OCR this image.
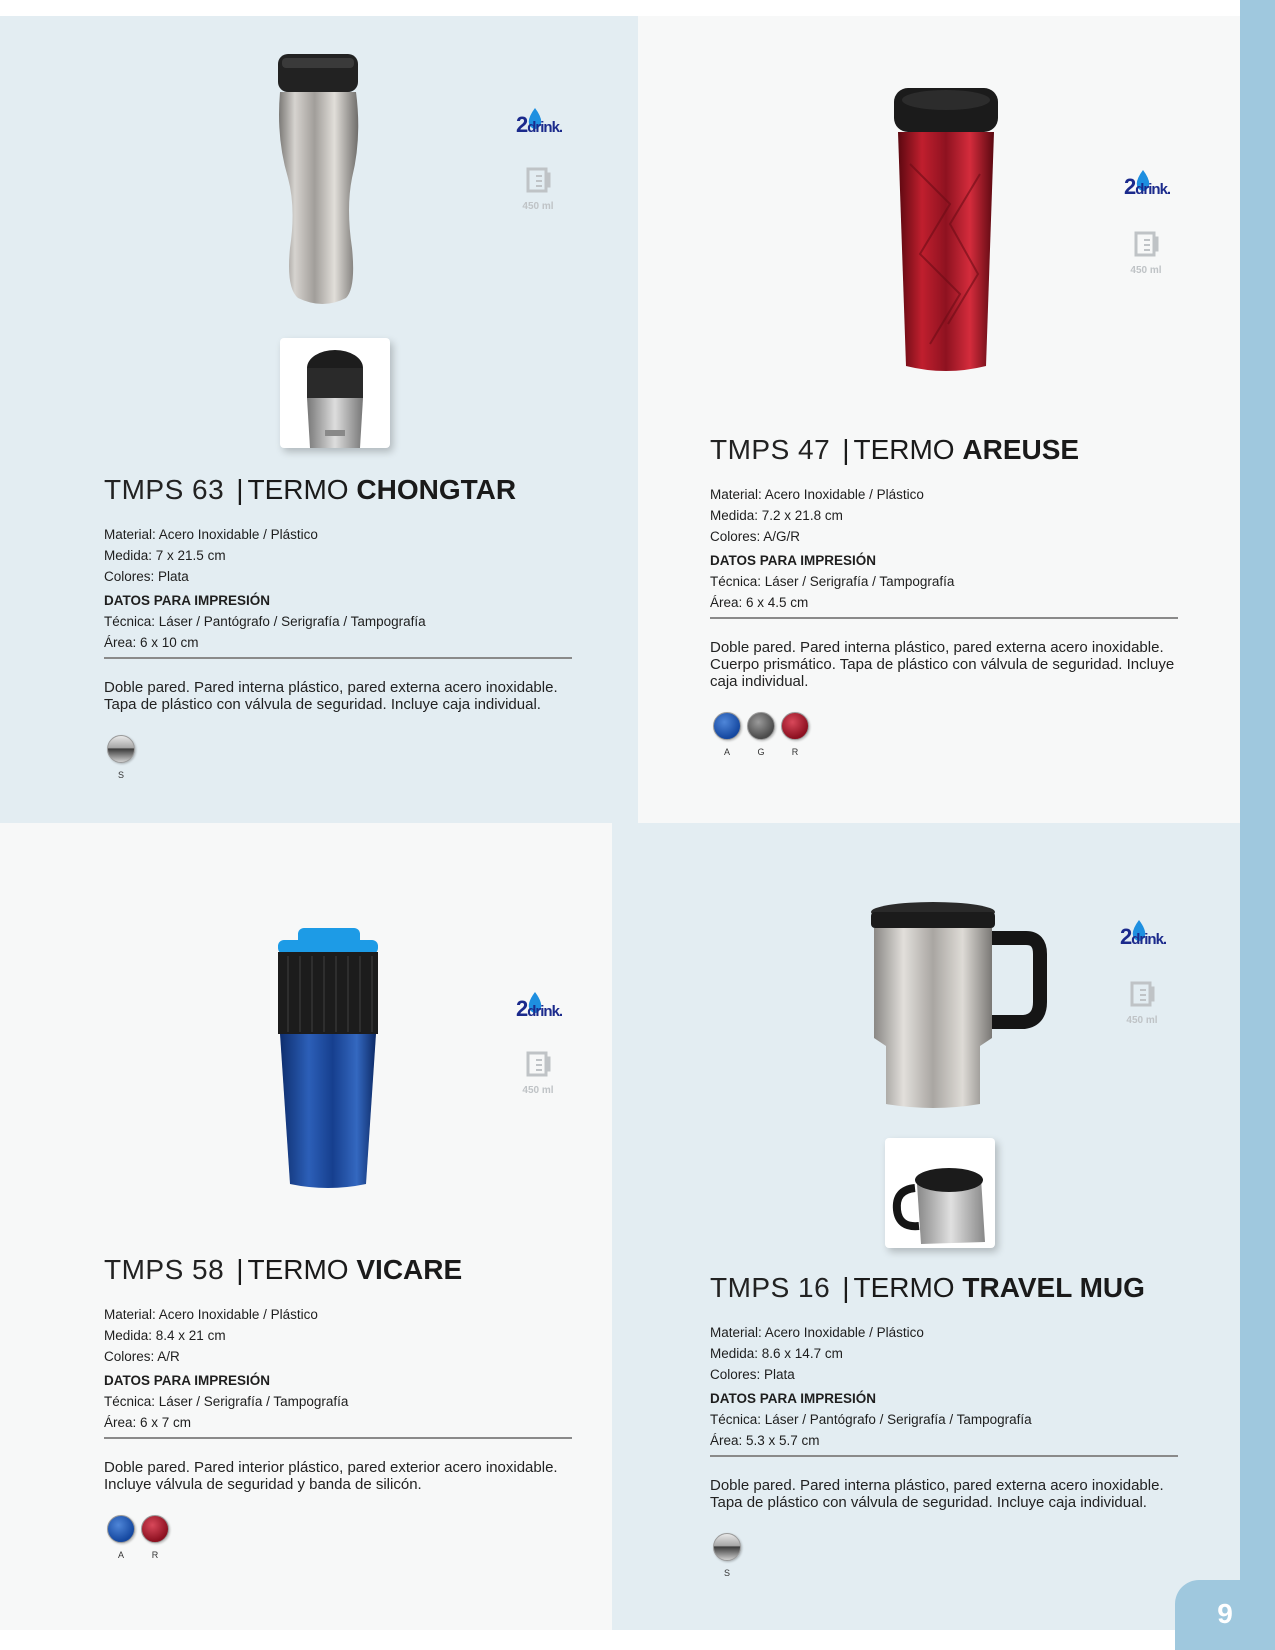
2drink.
450 ml
TMPS 63 | TERMO CHONGTAR
Material: Acero Inoxidable / Plástico
Medida: 7 x 21.5 cm
Colores: Plata
DATOS PARA IMPRESIÓN
Técnica: Láser / Pantógrafo / Serigrafía / Tampografía
Área: 6 x 10 cm
Doble pared. Pared interna plástico, pared externa acero inoxidable. Tapa de plástico con válvula de seguridad. Incluye caja individual.
S
2drink.
450 ml
TMPS 47 | TERMO AREUSE
Material: Acero Inoxidable / Plástico
Medida: 7.2 x 21.8 cm
Colores: A/G/R
DATOS PARA IMPRESIÓN
Técnica: Láser / Serigrafía / Tampografía
Área: 6 x 4.5 cm
Doble pared. Pared interna plástico, pared externa acero inoxidable. Cuerpo prismático. Tapa de plástico con válvula de seguridad. Incluye caja individual.
A	G	R
2drink.
450 ml
TMPS 58 | TERMO VICARE
Material: Acero Inoxidable / Plástico
Medida: 8.4 x 21 cm
Colores: A/R
DATOS PARA IMPRESIÓN
Técnica: Láser / Serigrafía / Tampografía
Área: 6 x 7 cm
Doble pared. Pared interior plástico, pared exterior acero inoxidable. Incluye válvula de seguridad y banda de silicón.
A	R
2drink.
450 ml
TMPS 16 | TERMO TRAVEL MUG
Material: Acero Inoxidable / Plástico
Medida: 8.6 x 14.7 cm
Colores: Plata
DATOS PARA IMPRESIÓN
Técnica: Láser / Pantógrafo / Serigrafía / Tampografía
Área: 5.3 x 5.7 cm
Doble pared. Pared interna plástico, pared externa acero inoxidable. Tapa de plástico con válvula de seguridad. Incluye caja individual.
S
9
